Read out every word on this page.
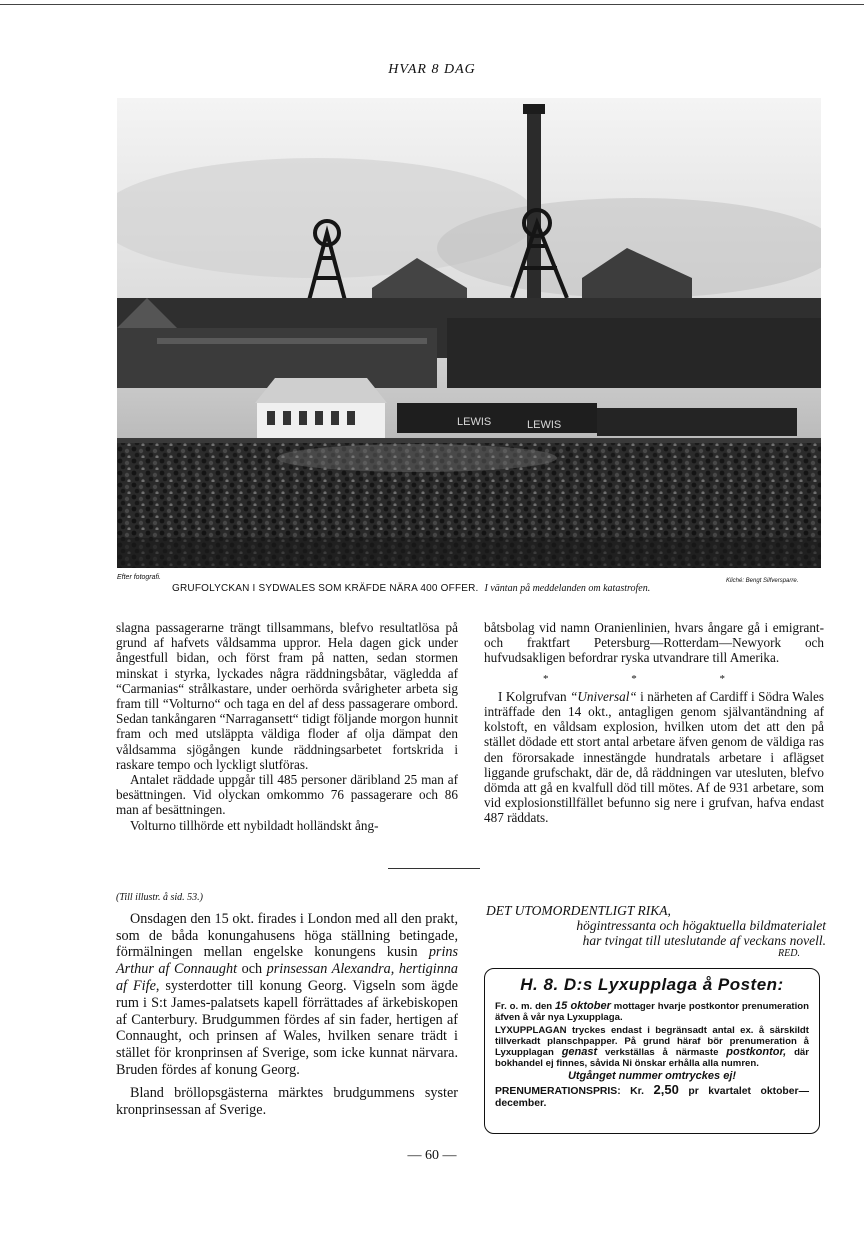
HVAR 8 DAG
LEWIS	LEWIS
Efter fotografi.	Kliché: Bengt Silfversparre.
GRUFOLYCKAN I SYDWALES SOM KRÄFDE NÄRA 400 OFFER. I väntan på meddelanden om katastrofen.

slagna passagerarne trängt tillsammans, blefvo resultatlösa på grund af hafvets våldsamma uppror. Hela dagen gick under ångestfull bidan, och först fram på natten, sedan stormen minskat i styrka, lyckades några räddningsbåtar, vägledda af “Carmanias“ strålkastare, under oerhörda svårigheter arbeta sig fram till “Volturno“ och taga en del af dess passagerare ombord. Sedan tankångaren “Narragansett“ tidigt följande morgon hunnit fram och med utsläppta väldiga floder af olja dämpat den våldsamma sjögången kunde räddningsarbetet fortskrida i raskare tempo och lyckligt slutföras.

Antalet räddade uppgår till 485 personer däribland 25 man af besättningen. Vid olyckan omkommo 76 passagerare och 86 man af besättningen.

Volturno tillhörde ett nybildadt holländskt ång-

båtsbolag vid namn Oranienlinien, hvars ångare gå i emigrant- och fraktfart Petersburg—Rotterdam—Newyork och hufvudsakligen befordrar ryska utvandrare till Amerika.

* * *

I Kolgrufvan “Universal“ i närheten af Cardiff i Södra Wales inträffade den 14 okt., antagligen genom självantändning af kolstoft, en våldsam explosion, hvilken utom det att den på stället dödade ett stort antal arbetare äfven genom de väldiga ras den förorsakade innestängde hundratals arbetare i aflägset liggande grufschakt, där de, då räddningen var utesluten, blefvo dömda att gå en kvalfull död till mötes. Af de 931 arbetare, som vid explosionstillfället befunno sig nere i grufvan, hafva endast 487 räddats.

(Till illustr. å sid. 53.)

Onsdagen den 15 okt. firades i London med all den prakt, som de båda konungahusens höga ställning betingade, förmälningen mellan engelske konungens kusin prins Arthur af Connaught och prinsessan Alexandra, hertiginna af Fife, systerdotter till konung Georg. Vigseln som ägde rum i S:t James-palatsets kapell förrättades af ärkebiskopen af Canterbury. Brudgummen fördes af sin fader, hertigen af Connaught, och prinsen af Wales, hvilken senare trädt i stället för kronprinsen af Sverige, som icke kunnat närvara. Bruden fördes af konung Georg.

Bland bröllopsgästerna märktes brudgummens syster kronprinsessan af Sverige.

DET UTOMORDENTLIGT RIKA,
högintressanta och högaktuella bildmaterialet
har tvingat till uteslutande af veckans novell.
RED.
H. 8. D:s Lyxupplaga å Posten:
Fr. o. m. den 15 oktober mottager hvarje postkontor prenumeration äfven å vår nya Lyxupplaga.
LYXUPPLAGAN tryckes endast i begränsadt antal ex. å särskildt tillverkadt planschpapper. På grund häraf bör prenumeration å Lyxupplagan genast verkställas å närmaste postkontor, där bokhandel ej finnes, såvida Ni önskar erhålla alla numren.
Utgånget nummer omtryckes ej!
PRENUMERATIONSPRIS: Kr. 2,50 pr kvartalet oktober—december.
— 60 —
